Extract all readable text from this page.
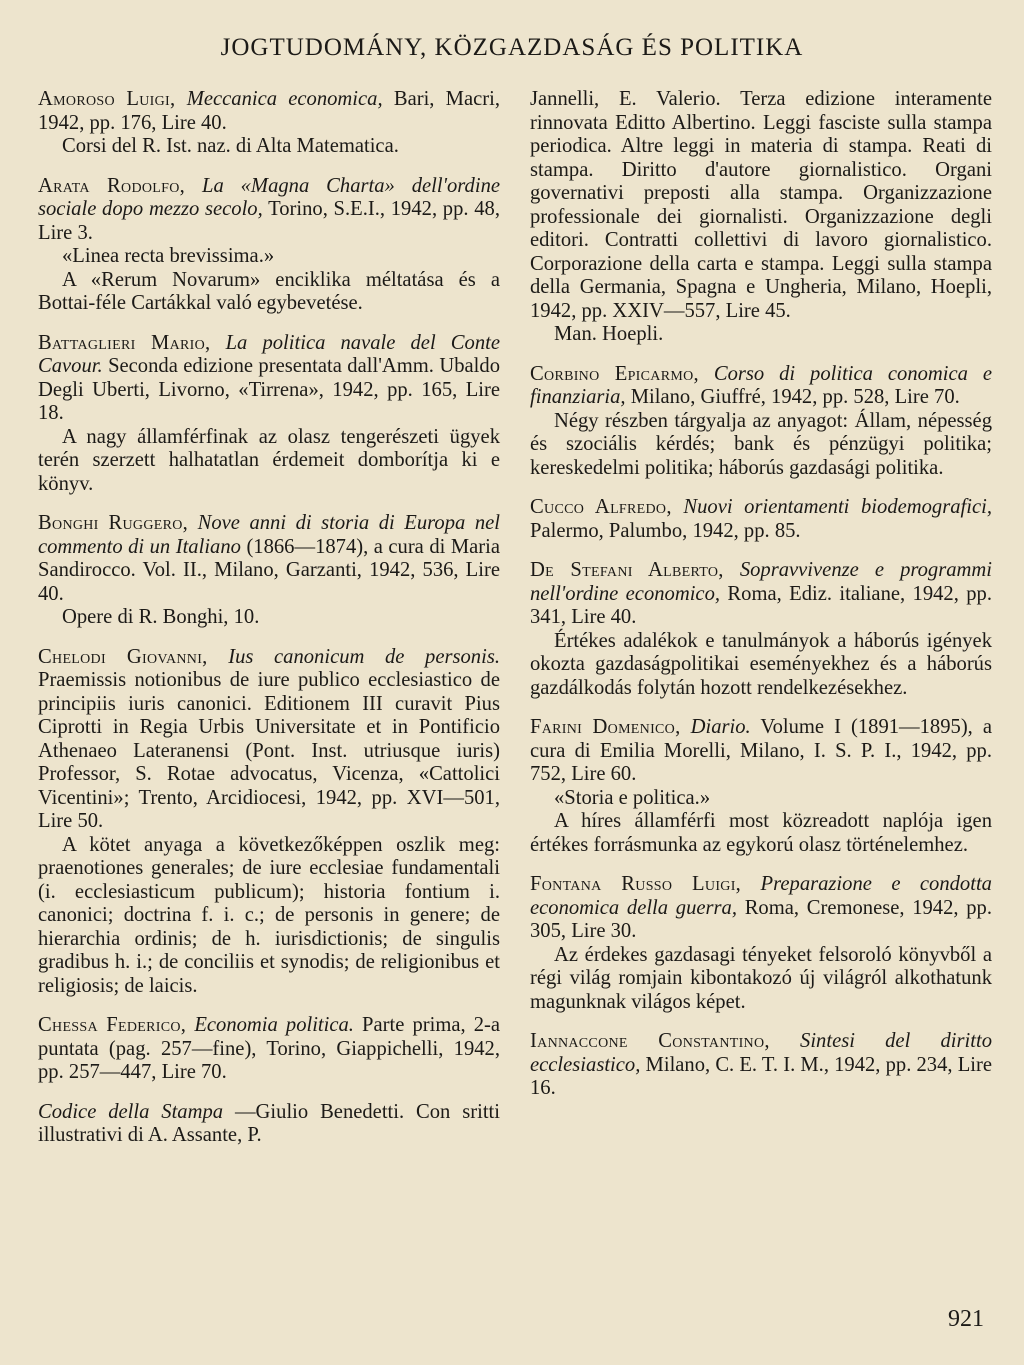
JOGTUDOMÁNY, KÖZGAZDASÁG ÉS POLITIKA

Amoroso Luigi, Meccanica economica, Bari, Macri, 1942, pp. 176, Lire 40.

Corsi del R. Ist. naz. di Alta Matematica.

Arata Rodolfo, La «Magna Charta» dell'ordine sociale dopo mezzo secolo, Torino, S.E.I., 1942, pp. 48, Lire 3.

«Linea recta brevissima.»

A «Rerum Novarum» enciklika méltatása és a Bottai-féle Cartákkal való egybevetése.

Battaglieri Mario, La politica navale del Conte Cavour. Seconda edizione presentata dall'Amm. Ubaldo Degli Uberti, Livorno, «Tirrena», 1942, pp. 165, Lire 18.

A nagy államférfinak az olasz tengerészeti ügyek terén szerzett halhatatlan érdemeit domborítja ki e könyv.

Bonghi Ruggero, Nove anni di storia di Europa nel commento di un Italiano (1866—1874), a cura di Maria Sandirocco. Vol. II., Milano, Garzanti, 1942, 536, Lire 40.

Opere di R. Bonghi, 10.

Chelodi Giovanni, Ius canonicum de personis. Praemissis notionibus de iure publico ecclesiastico de principiis iuris canonici. Editionem III curavit Pius Ciprotti in Regia Urbis Universitate et in Pontificio Athenaeo Lateranensi (Pont. Inst. utriusque iuris) Professor, S. Rotae advocatus, Vicenza, «Cattolici Vicentini»; Trento, Arcidiocesi, 1942, pp. XVI—501, Lire 50.

A kötet anyaga a következőképpen oszlik meg: praenotiones generales; de iure ecclesiae fundamentali (i. ecclesiasticum publicum); historia fontium i. canonici; doctrina f. i. c.; de personis in genere; de hierarchia ordinis; de h. iurisdictionis; de singulis gradibus h. i.; de conciliis et synodis; de religionibus et religiosis; de laicis.

Chessa Federico, Economia politica. Parte prima, 2-a puntata (pag. 257—fine), Torino, Giappichelli, 1942, pp. 257—447, Lire 70.

Codice della Stampa —Giulio Benedetti. Con sritti illustrativi di A. Assante, P.

Jannelli, E. Valerio. Terza edizione interamente rinnovata Editto Albertino. Leggi fasciste sulla stampa periodica. Altre leggi in materia di stampa. Reati di stampa. Diritto d'autore giornalistico. Organi governativi preposti alla stampa. Organizzazione professionale dei giornalisti. Organizzazione degli editori. Contratti collettivi di lavoro giornalistico. Corporazione della carta e stampa. Leggi sulla stampa della Germania, Spagna e Ungheria, Milano, Hoepli, 1942, pp. XXIV—557, Lire 45.

Man. Hoepli.

Corbino Epicarmo, Corso di politica conomica e finanziaria, Milano, Giuffré, 1942, pp. 528, Lire 70.

Négy részben tárgyalja az anyagot: Állam, népesség és szociális kérdés; bank és pénzügyi politika; kereskedelmi politika; háborús gazdasági politika.

Cucco Alfredo, Nuovi orientamenti biodemografici, Palermo, Palumbo, 1942, pp. 85.

De Stefani Alberto, Sopravvivenze e programmi nell'ordine economico, Roma, Ediz. italiane, 1942, pp. 341, Lire 40.

Értékes adalékok e tanulmányok a háborús igények okozta gazdaságpolitikai eseményekhez és a háborús gazdálkodás folytán hozott rendelkezésekhez.

Farini Domenico, Diario. Volume I (1891—1895), a cura di Emilia Morelli, Milano, I. S. P. I., 1942, pp. 752, Lire 60.

«Storia e politica.»

A híres államférfi most közreadott naplója igen értékes forrásmunka az egykorú olasz történelemhez.

Fontana Russo Luigi, Preparazione e condotta economica della guerra, Roma, Cremonese, 1942, pp. 305, Lire 30.

Az érdekes gazdasagi tényeket felsoroló könyvből a régi világ romjain kibontakozó új világról alkothatunk magunknak világos képet.

Iannaccone Constantino, Sintesi del diritto ecclesiastico, Milano, C. E. T. I. M., 1942, pp. 234, Lire 16.

921
